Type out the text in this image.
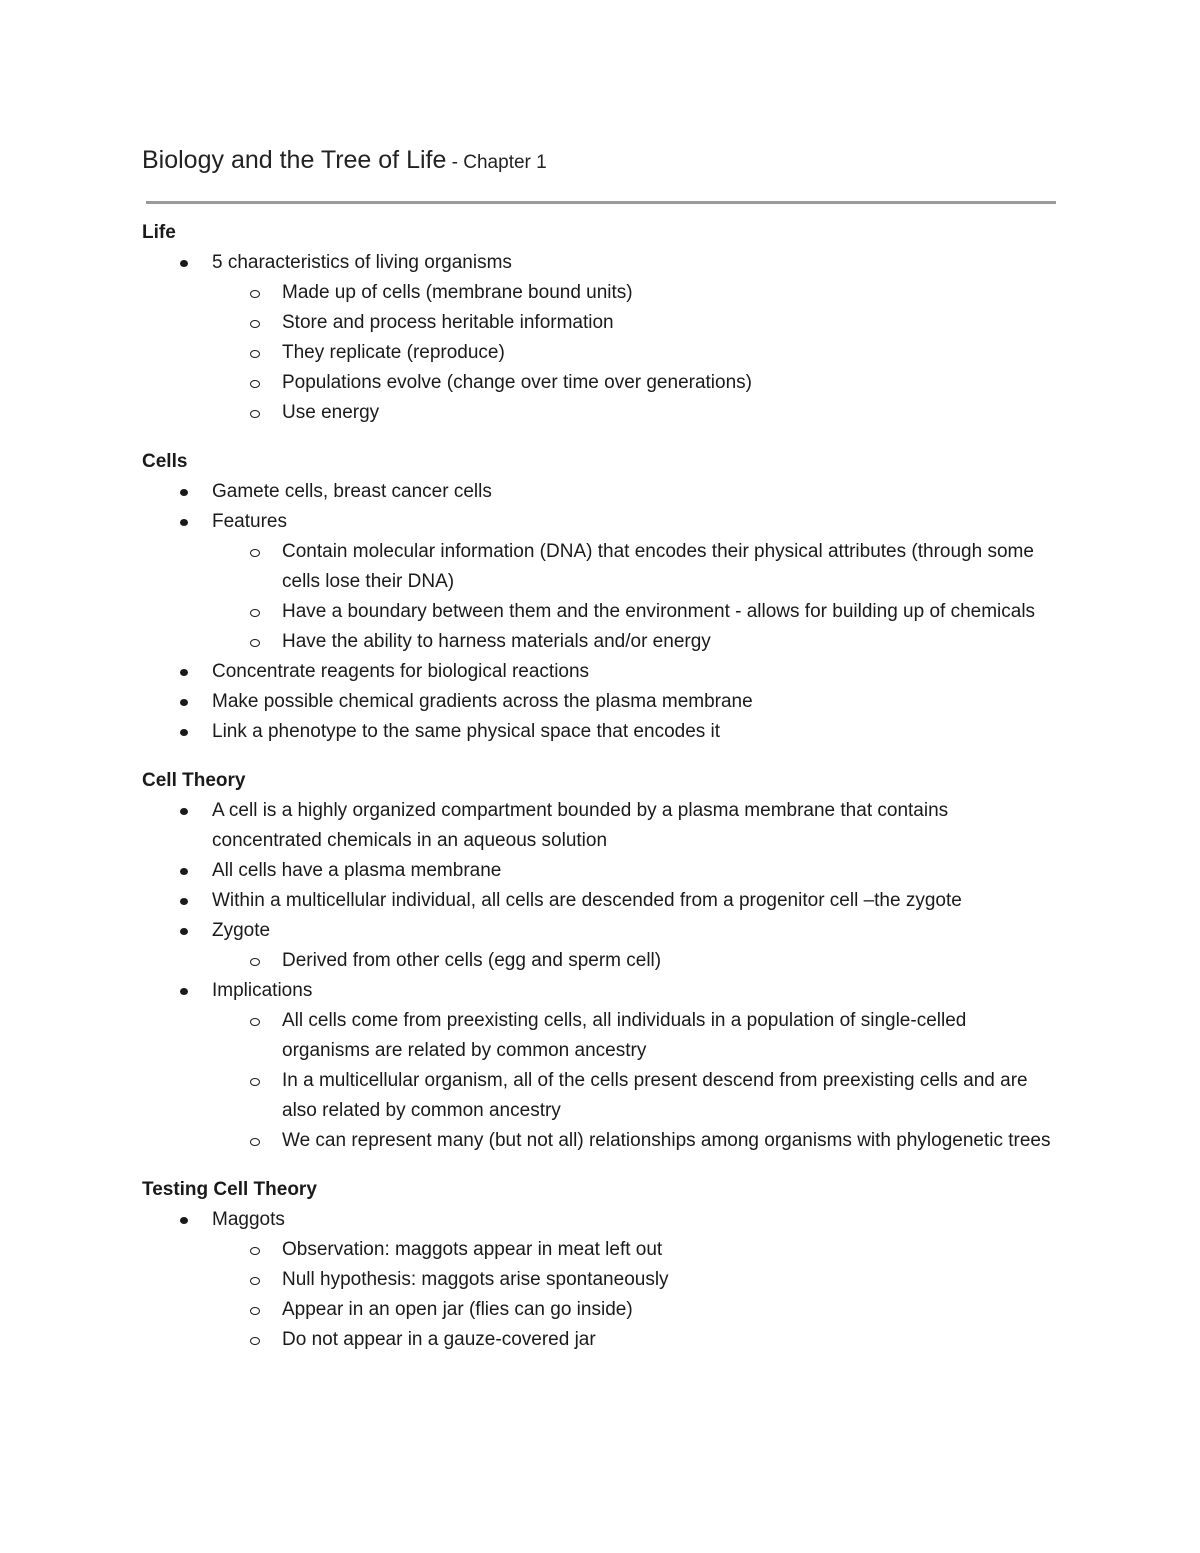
Biology and the Tree of Life - Chapter 1
Life
5 characteristics of living organisms
Made up of cells (membrane bound units)
Store and process heritable information
They replicate (reproduce)
Populations evolve (change over time over generations)
Use energy
Cells
Gamete cells, breast cancer cells
Features
Contain molecular information (DNA) that encodes their physical attributes (through some cells lose their DNA)
Have a boundary between them and the environment - allows for building up of chemicals
Have the ability to harness materials and/or energy
Concentrate reagents for biological reactions
Make possible chemical gradients across the plasma membrane
Link a phenotype to the same physical space that encodes it
Cell Theory
A cell is a highly organized compartment bounded by a plasma membrane that contains concentrated chemicals in an aqueous solution
All cells have a plasma membrane
Within a multicellular individual, all cells are descended from a progenitor cell –the zygote
Zygote
Derived from other cells (egg and sperm cell)
Implications
All cells come from preexisting cells, all individuals in a population of single-celled organisms are related by common ancestry
In a multicellular organism, all of the cells present descend from preexisting cells and are also related by common ancestry
We can represent many (but not all) relationships among organisms with phylogenetic trees
Testing Cell Theory
Maggots
Observation: maggots appear in meat left out
Null hypothesis: maggots arise spontaneously
Appear in an open jar (flies can go inside)
Do not appear in a gauze-covered jar
